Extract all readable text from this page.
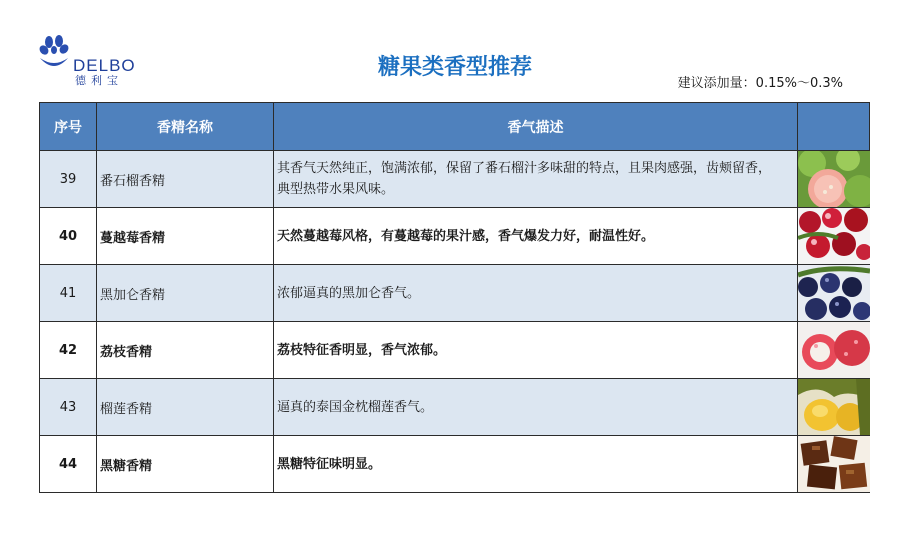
DELBO
德利宝
糖果类香型推荐
建议添加量：0.15%～0.3%
序号	香精名称	香气描述	
39	番石榴香精	其香气天然纯正，饱满浓郁，保留了番石榴汁多味甜的特点，且果肉感强，齿颊留香，典型热带水果风味。	

40	蔓越莓香精	天然蔓越莓风格，有蔓越莓的果汁感，香气爆发力好，耐温性好。	

41	黑加仑香精	浓郁逼真的黑加仑香气。	

42	荔枝香精	荔枝特征香明显，香气浓郁。	

43	榴莲香精	逼真的泰国金枕榴莲香气。	

44	黑糖香精	黑糖特征味明显。	
